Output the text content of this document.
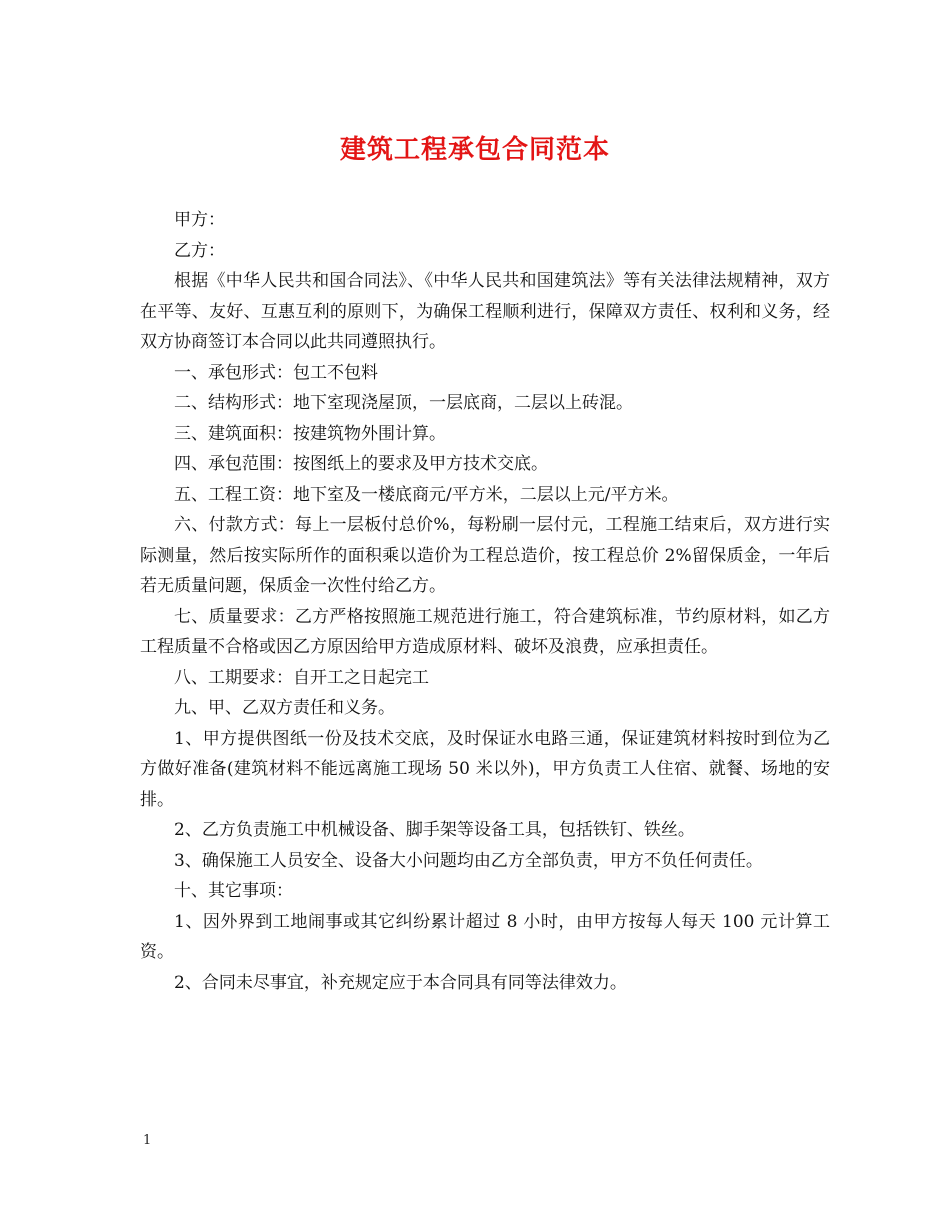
建筑工程承包合同范本

甲方：

乙方：

根据《中华人民共和国合同法》、《中华人民共和国建筑法》等有关法律法规精神，双方在平等、友好、互惠互利的原则下，为确保工程顺利进行，保障双方责任、权利和义务，经双方协商签订本合同以此共同遵照执行。

一、承包形式：包工不包料

二、结构形式：地下室现浇屋顶，一层底商，二层以上砖混。

三、建筑面积：按建筑物外围计算。

四、承包范围：按图纸上的要求及甲方技术交底。

五、工程工资：地下室及一楼底商元/平方米，二层以上元/平方米。

六、付款方式：每上一层板付总价%，每粉刷一层付元，工程施工结束后，双方进行实际测量，然后按实际所作的面积乘以造价为工程总造价，按工程总价 2%留保质金，一年后若无质量问题，保质金一次性付给乙方。

七、质量要求：乙方严格按照施工规范进行施工，符合建筑标准，节约原材料，如乙方工程质量不合格或因乙方原因给甲方造成原材料、破坏及浪费，应承担责任。

八、工期要求：自开工之日起完工

九、甲、乙双方责任和义务。

1、甲方提供图纸一份及技术交底，及时保证水电路三通，保证建筑材料按时到位为乙方做好准备(建筑材料不能远离施工现场 50 米以外)，甲方负责工人住宿、就餐、场地的安排。

2、乙方负责施工中机械设备、脚手架等设备工具，包括铁钉、铁丝。

3、确保施工人员安全、设备大小问题均由乙方全部负责，甲方不负任何责任。

十、其它事项：

1、因外界到工地闹事或其它纠纷累计超过 8 小时，由甲方按每人每天 100 元计算工资。

2、合同未尽事宜，补充规定应于本合同具有同等法律效力。

1
